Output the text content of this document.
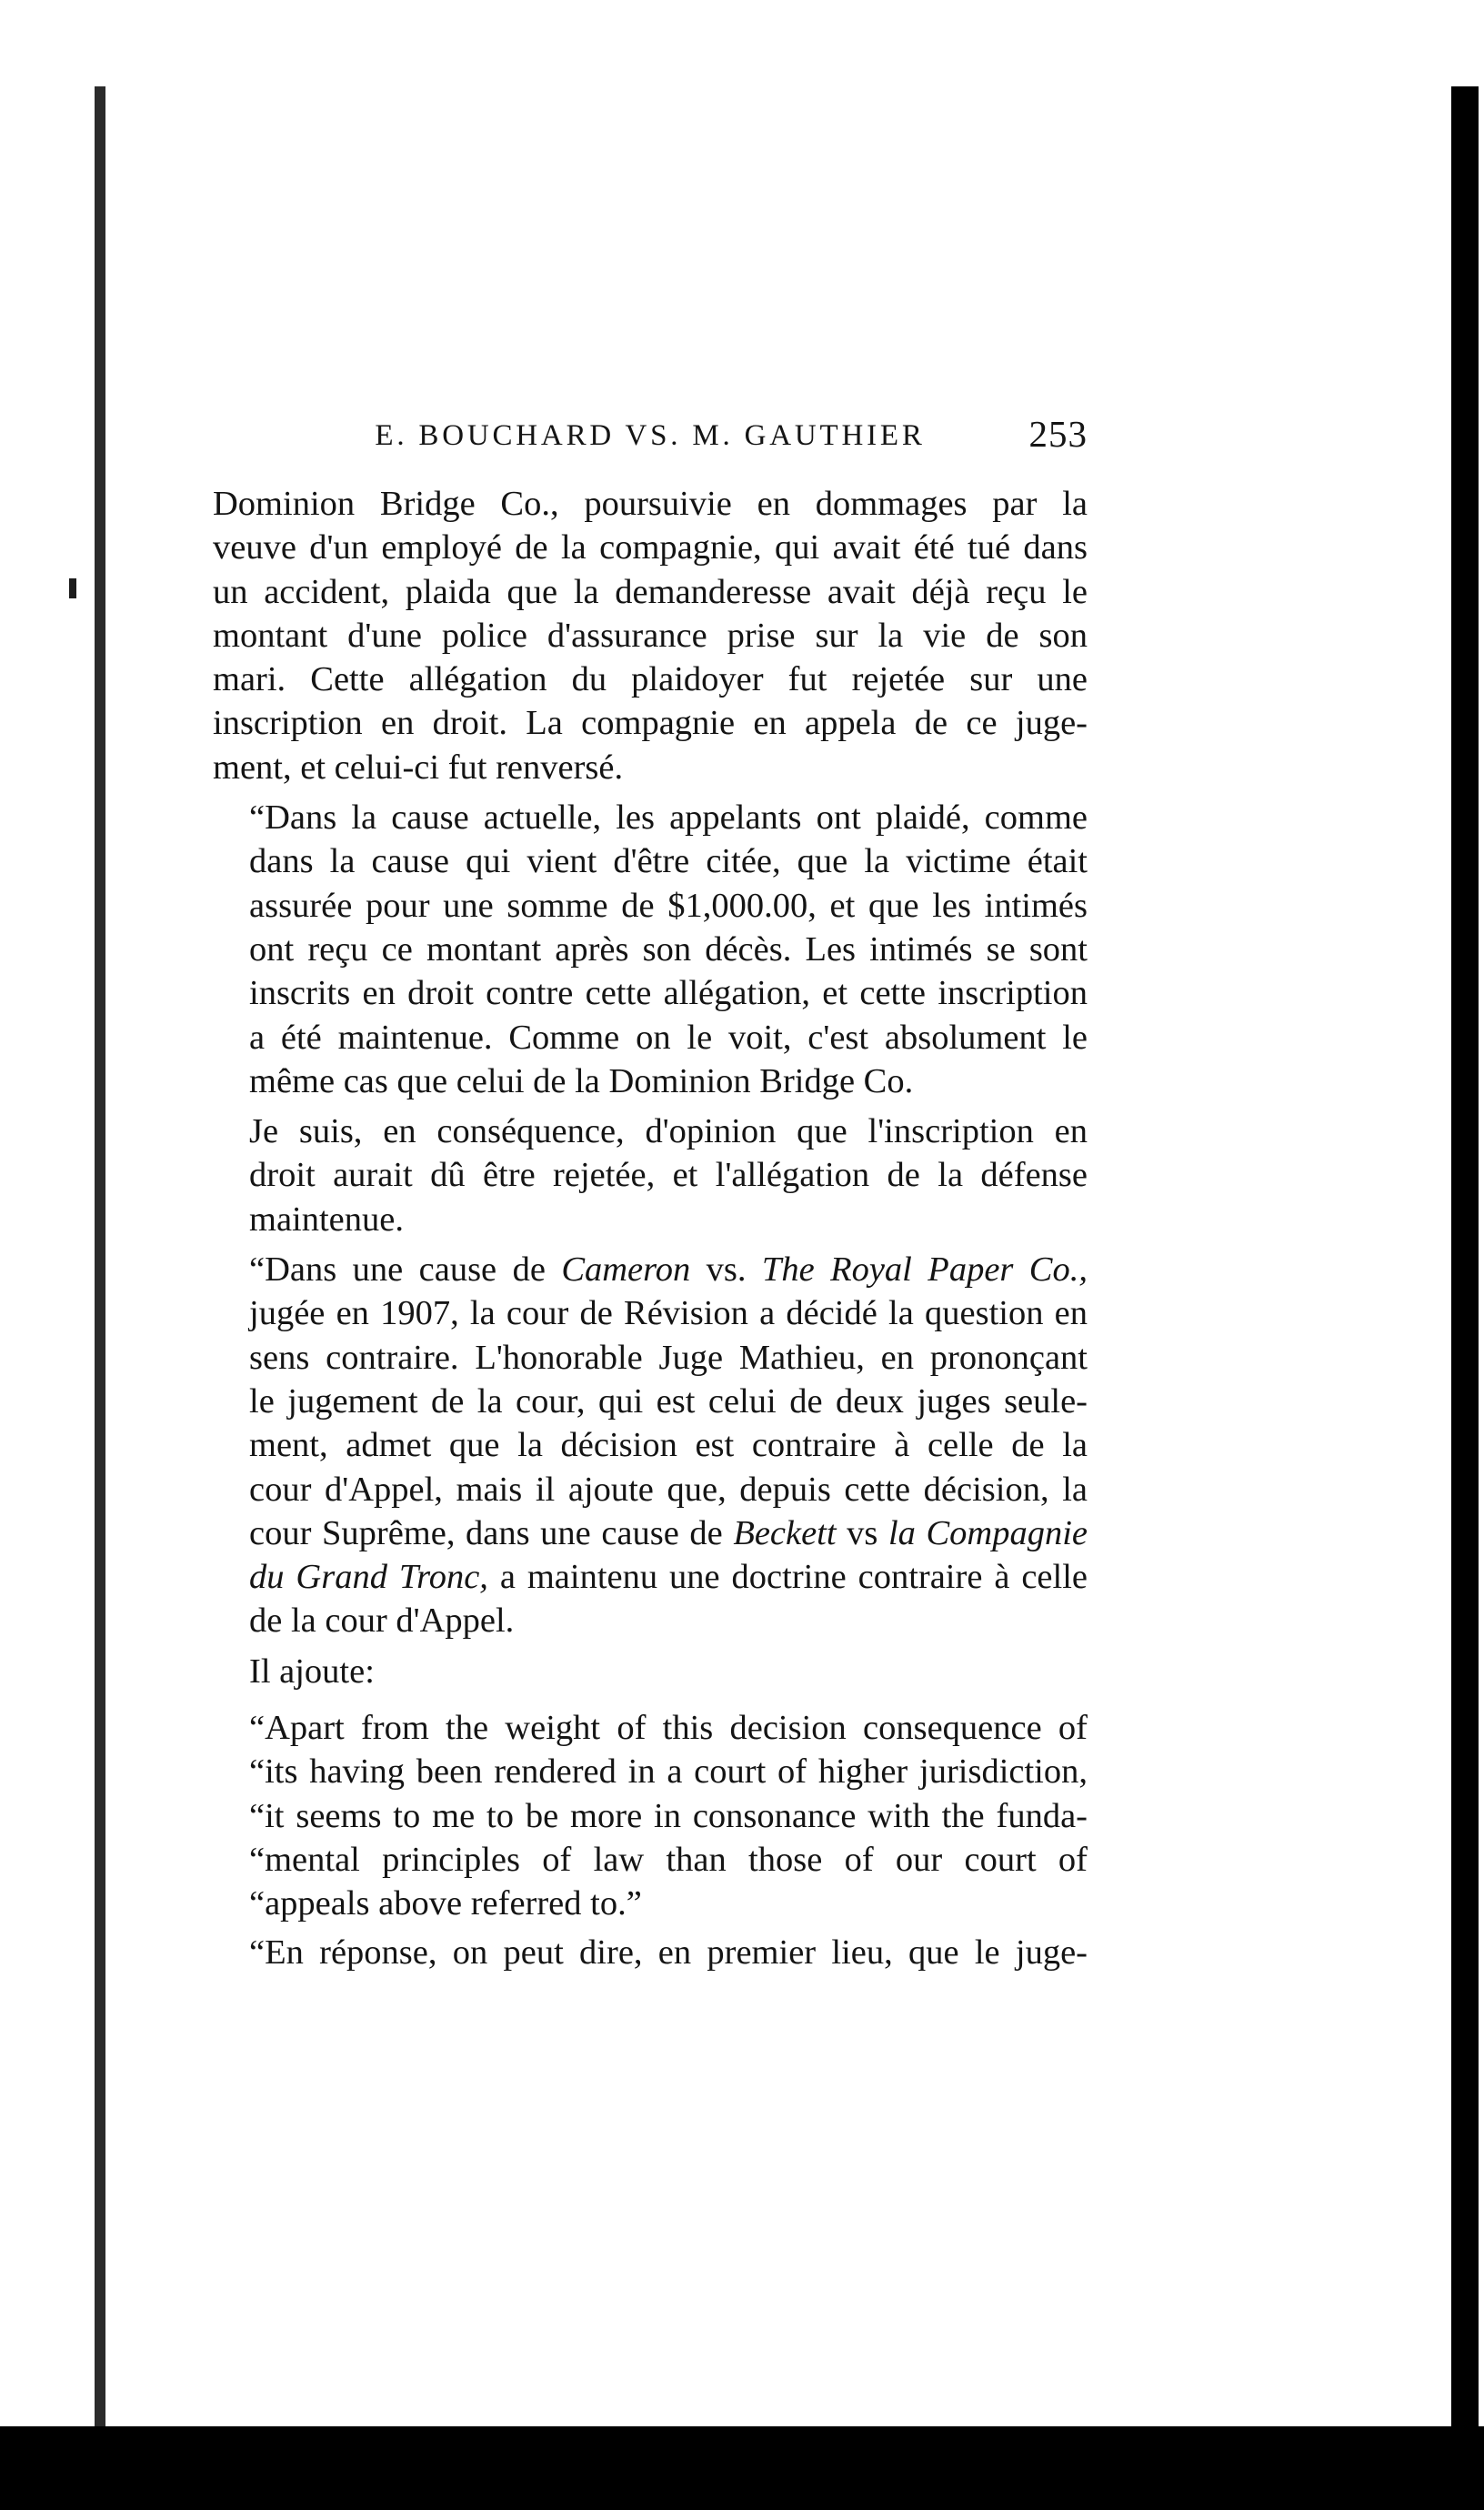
E. BOUCHARD VS. M. GAUTHIER	253

Dominion Bridge Co., poursuivie en dommages par la
veuve d'un employé de la compagnie, qui avait été tué dans
un accident, plaida que la demanderesse avait déjà reçu le
montant d'une police d'assurance prise sur la vie de son
mari. Cette allégation du plaidoyer fut rejetée sur une
inscription en droit. La compagnie en appela de ce juge-
ment, et celui-ci fut renversé.

“Dans la cause actuelle, les appelants ont plaidé, comme
dans la cause qui vient d'être citée, que la victime était
assurée pour une somme de $1,000.00, et que les intimés
ont reçu ce montant après son décès. Les intimés se sont
inscrits en droit contre cette allégation, et cette inscription
a été maintenue. Comme on le voit, c'est absolument le
même cas que celui de la Dominion Bridge Co.

Je suis, en conséquence, d'opinion que l'inscription en
droit aurait dû être rejetée, et l'allégation de la défense
maintenue.

“Dans une cause de Cameron vs. The Royal Paper Co.,
jugée en 1907, la cour de Révision a décidé la question en
sens contraire. L'honorable Juge Mathieu, en prononçant
le jugement de la cour, qui est celui de deux juges seule-
ment, admet que la décision est contraire à celle de la
cour d'Appel, mais il ajoute que, depuis cette décision, la
cour Suprême, dans une cause de Beckett vs la Compagnie
du Grand Tronc, a maintenu une doctrine contraire à celle
de la cour d'Appel.

Il ajoute:

“Apart from the weight of this decision consequence of
“its having been rendered in a court of higher jurisdiction,
“it seems to me to be more in consonance with the funda-
“mental principles of law than those of our court of
“appeals above referred to.”

“En réponse, on peut dire, en premier lieu, que le juge-
